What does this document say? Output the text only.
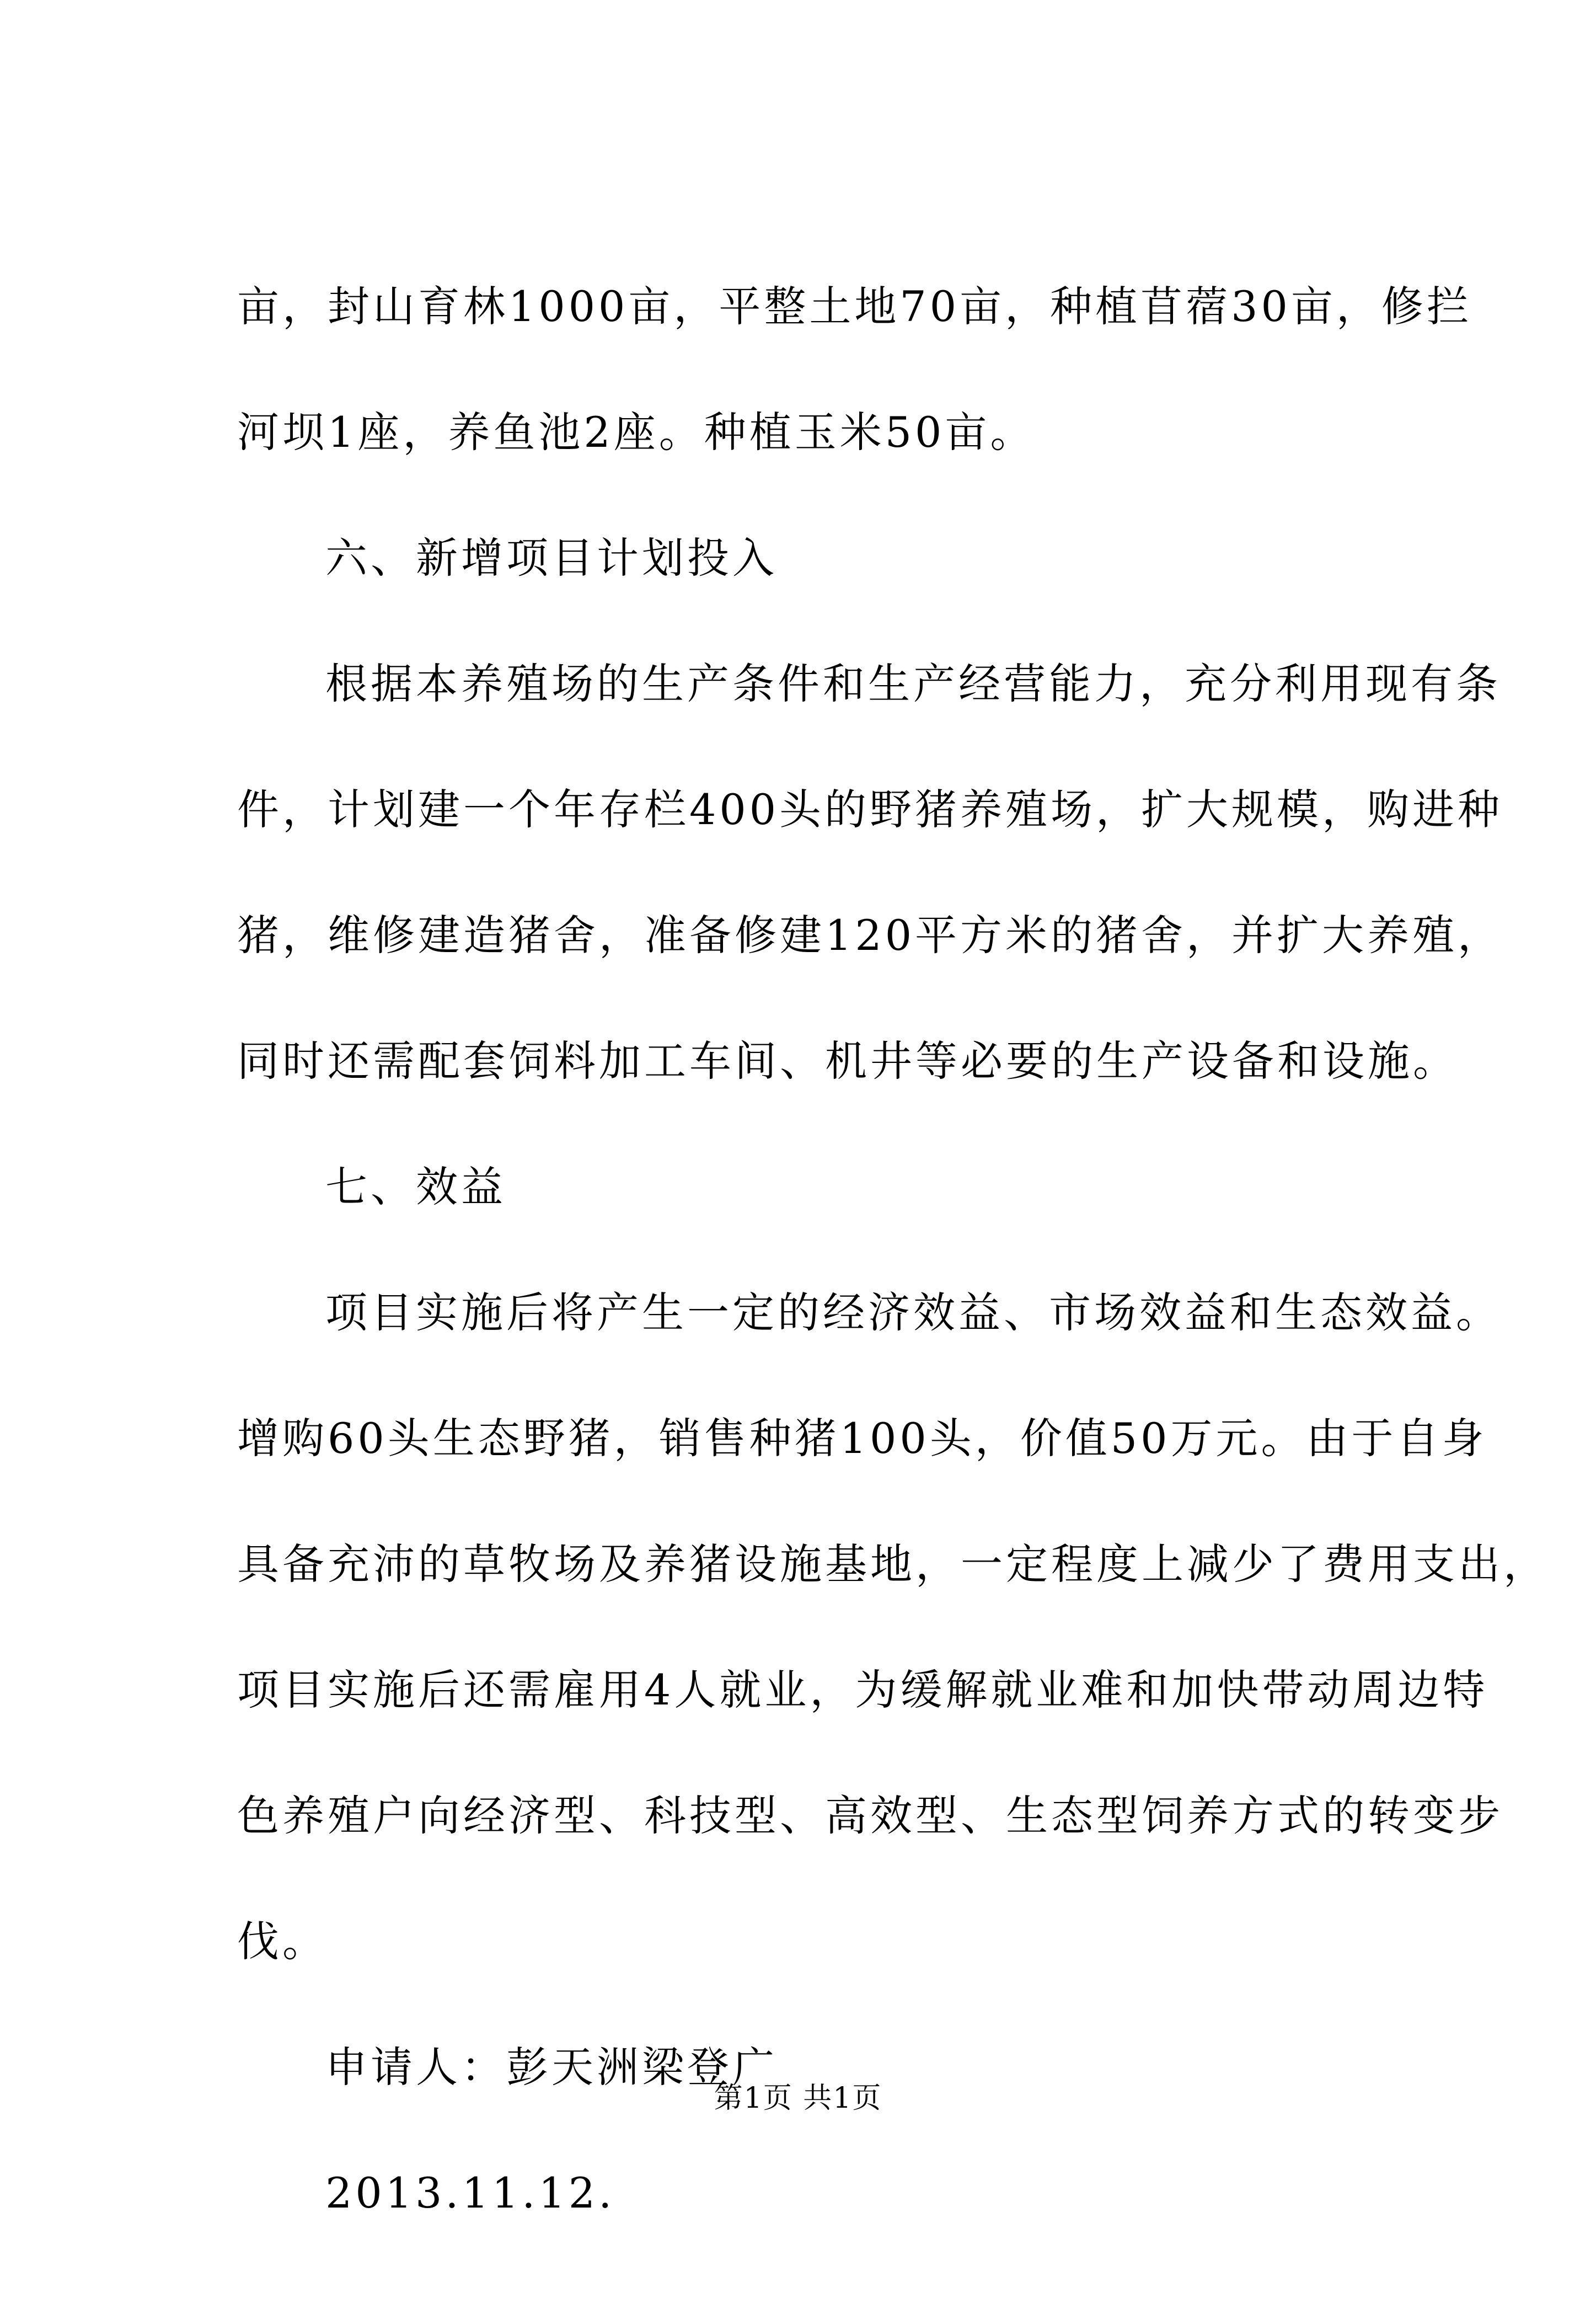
亩，封山育林1000亩，平整土地70亩，种植苜蓿30亩，修拦
河坝1座，养鱼池2座。种植玉米50亩。
六、新增项目计划投入
根据本养殖场的生产条件和生产经营能力，充分利用现有条
件，计划建一个年存栏400头的野猪养殖场，扩大规模，购进种
猪，维修建造猪舍，准备修建120平方米的猪舍，并扩大养殖，
同时还需配套饲料加工车间、机井等必要的生产设备和设施。
七、效益
项目实施后将产生一定的经济效益、市场效益和生态效益。
增购60头生态野猪，销售种猪100头，价值50万元。由于自身
具备充沛的草牧场及养猪设施基地，一定程度上减少了费用支出，
项目实施后还需雇用4人就业，为缓解就业难和加快带动周边特
色养殖户向经济型、科技型、高效型、生态型饲养方式的转变步
伐。
申请人：彭天洲梁登广
2013.11.12.
第1页 共1页
